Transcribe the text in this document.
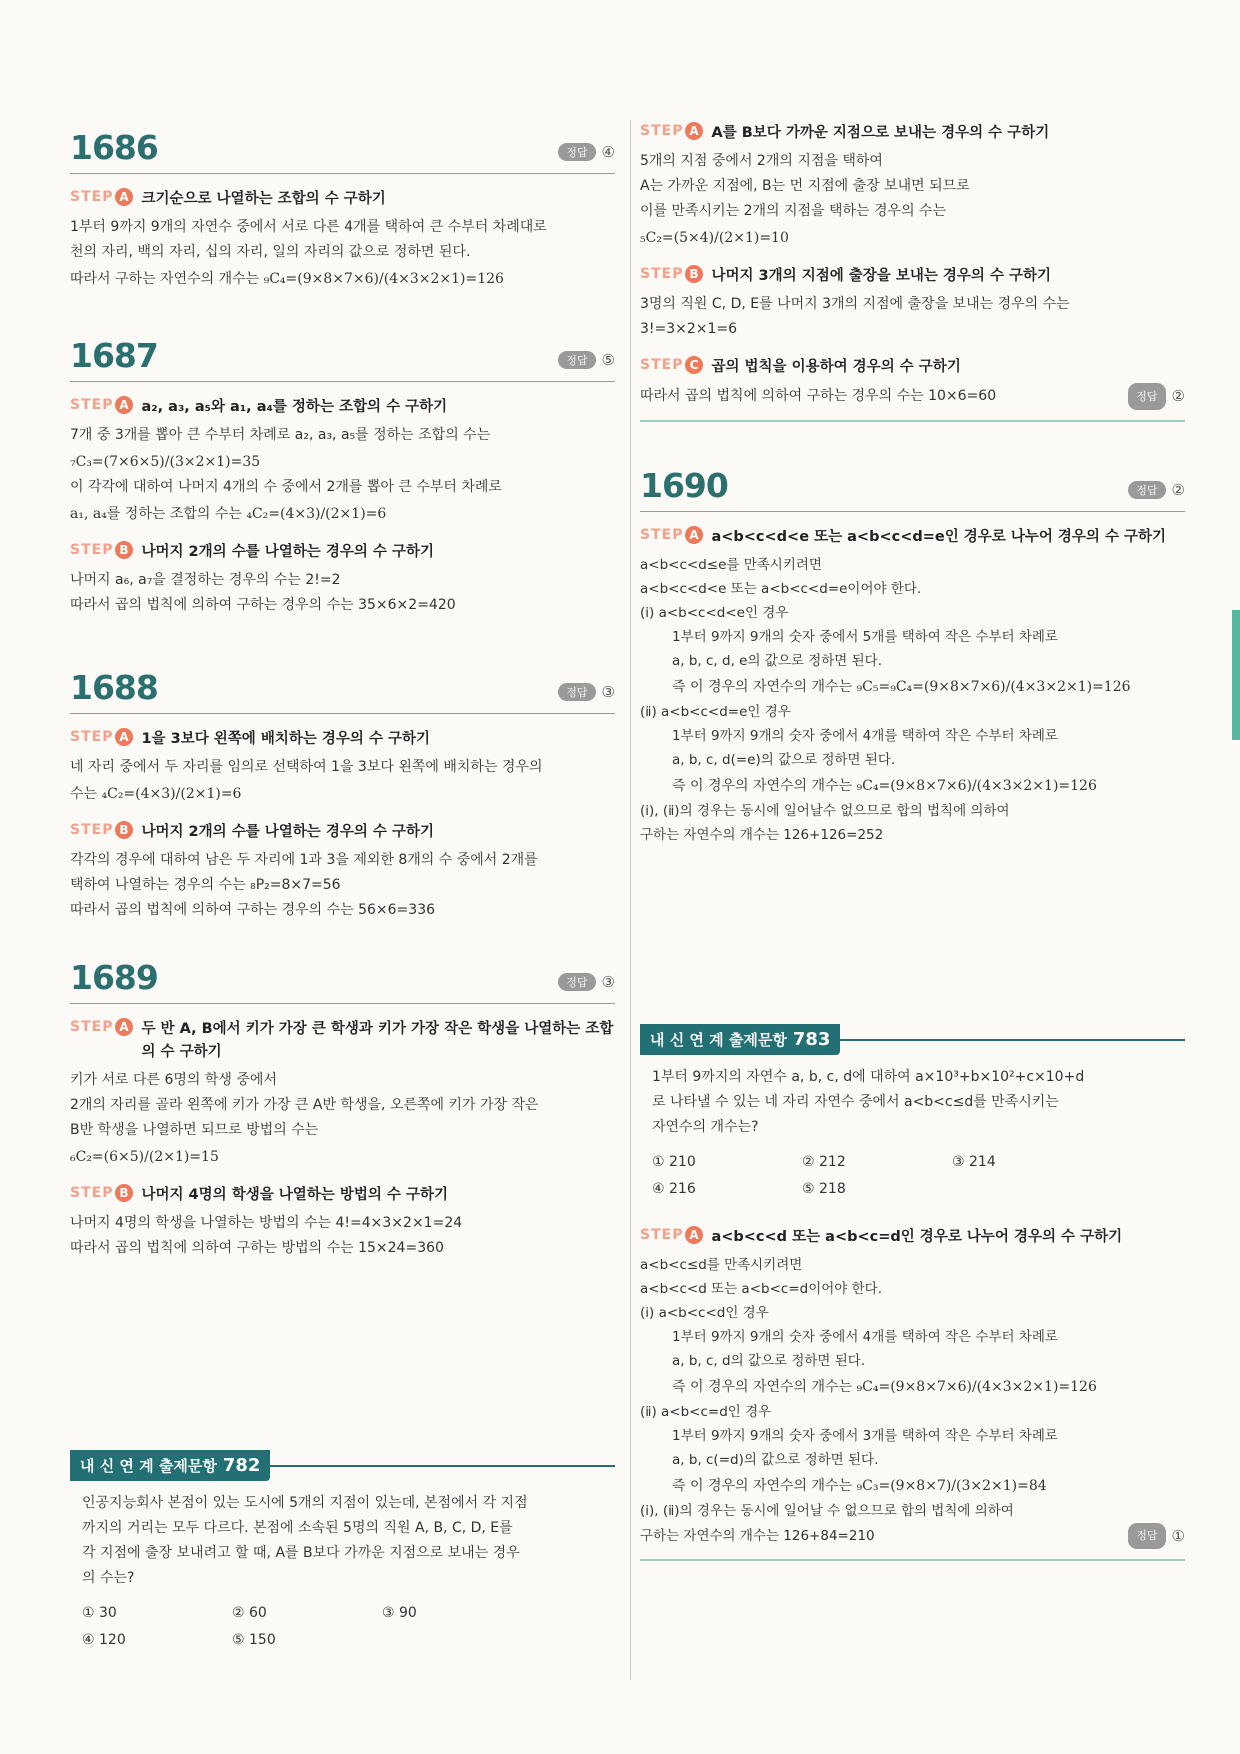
1686	정답 ④
STEP A 크기순으로 나열하는 조합의 수 구하기
1부터 9까지 9개의 자연수 중에서 서로 다른 4개를 택하여 큰 수부터 차례대로
천의 자리, 백의 자리, 십의 자리, 일의 자리의 값으로 정하면 된다.
따라서 구하는 자연수의 개수는 ₉C₄=(9×8×7×6)/(4×3×2×1)=126
1687	정답 ⑤
STEP A a₂, a₃, a₅와 a₁, a₄를 정하는 조합의 수 구하기
7개 중 3개를 뽑아 큰 수부터 차례로 a₂, a₃, a₅를 정하는 조합의 수는
₇C₃=(7×6×5)/(3×2×1)=35
이 각각에 대하여 나머지 4개의 수 중에서 2개를 뽑아 큰 수부터 차례로
a₁, a₄를 정하는 조합의 수는 ₄C₂=(4×3)/(2×1)=6
STEP B 나머지 2개의 수를 나열하는 경우의 수 구하기
나머지 a₆, a₇을 결정하는 경우의 수는 2!=2
따라서 곱의 법칙에 의하여 구하는 경우의 수는 35×6×2=420
1688	정답 ③
STEP A 1을 3보다 왼쪽에 배치하는 경우의 수 구하기
네 자리 중에서 두 자리를 임의로 선택하여 1을 3보다 왼쪽에 배치하는 경우의
수는 ₄C₂=(4×3)/(2×1)=6
STEP B 나머지 2개의 수를 나열하는 경우의 수 구하기
각각의 경우에 대하여 남은 두 자리에 1과 3을 제외한 8개의 수 중에서 2개를
택하여 나열하는 경우의 수는 ₈P₂=8×7=56
따라서 곱의 법칙에 의하여 구하는 경우의 수는 56×6=336
1689	정답 ③
STEP A 두 반 A, B에서 키가 가장 큰 학생과 키가 가장 작은 학생을 나열하는 조합의 수 구하기
키가 서로 다른 6명의 학생 중에서
2개의 자리를 골라 왼쪽에 키가 가장 큰 A반 학생을, 오른쪽에 키가 가장 작은
B반 학생을 나열하면 되므로 방법의 수는
₆C₂=(6×5)/(2×1)=15
STEP B 나머지 4명의 학생을 나열하는 방법의 수 구하기
나머지 4명의 학생을 나열하는 방법의 수는 4!=4×3×2×1=24
따라서 곱의 법칙에 의하여 구하는 방법의 수는 15×24=360
내 신 연 계 출제문항 782
인공지능회사 본점이 있는 도시에 5개의 지점이 있는데, 본점에서 각 지점
까지의 거리는 모두 다르다. 본점에 소속된 5명의 직원 A, B, C, D, E를
각 지점에 출장 보내려고 할 때, A를 B보다 가까운 지점으로 보내는 경우
의 수는?
① 30	② 60	③ 90
④ 120	⑤ 150
STEP A A를 B보다 가까운 지점으로 보내는 경우의 수 구하기
5개의 지점 중에서 2개의 지점을 택하여
A는 가까운 지점에, B는 먼 지점에 출장 보내면 되므로
이를 만족시키는 2개의 지점을 택하는 경우의 수는
₅C₂=(5×4)/(2×1)=10
STEP B 나머지 3개의 지점에 출장을 보내는 경우의 수 구하기
3명의 직원 C, D, E를 나머지 3개의 지점에 출장을 보내는 경우의 수는
3!=3×2×1=6
STEP C 곱의 법칙을 이용하여 경우의 수 구하기
따라서 곱의 법칙에 의하여 구하는 경우의 수는 10×6=60	정답 ②
1690	정답 ②
STEP A a<b<c<d<e 또는 a<b<c<d=e인 경우로 나누어 경우의 수 구하기
a<b<c<d≤e를 만족시키려면
a<b<c<d<e 또는 a<b<c<d=e이어야 한다.
(ⅰ) a<b<c<d<e인 경우
1부터 9까지 9개의 숫자 중에서 5개를 택하여 작은 수부터 차례로
a, b, c, d, e의 값으로 정하면 된다.
즉 이 경우의 자연수의 개수는 ₉C₅=₉C₄=(9×8×7×6)/(4×3×2×1)=126
(ⅱ) a<b<c<d=e인 경우
1부터 9까지 9개의 숫자 중에서 4개를 택하여 작은 수부터 차례로
a, b, c, d(=e)의 값으로 정하면 된다.
즉 이 경우의 자연수의 개수는 ₉C₄=(9×8×7×6)/(4×3×2×1)=126
(ⅰ), (ⅱ)의 경우는 동시에 일어날수 없으므로 합의 법칙에 의하여
구하는 자연수의 개수는 126+126=252
내 신 연 계 출제문항 783
1부터 9까지의 자연수 a, b, c, d에 대하여 a×10³+b×10²+c×10+d
로 나타낼 수 있는 네 자리 자연수 중에서 a<b<c≤d를 만족시키는
자연수의 개수는?
① 210	② 212	③ 214
④ 216	⑤ 218
STEP A a<b<c<d 또는 a<b<c=d인 경우로 나누어 경우의 수 구하기
a<b<c≤d를 만족시키려면
a<b<c<d 또는 a<b<c=d이어야 한다.
(ⅰ) a<b<c<d인 경우
1부터 9까지 9개의 숫자 중에서 4개를 택하여 작은 수부터 차례로
a, b, c, d의 값으로 정하면 된다.
즉 이 경우의 자연수의 개수는 ₉C₄=(9×8×7×6)/(4×3×2×1)=126
(ⅱ) a<b<c=d인 경우
1부터 9까지 9개의 숫자 중에서 3개를 택하여 작은 수부터 차례로
a, b, c(=d)의 값으로 정하면 된다.
즉 이 경우의 자연수의 개수는 ₉C₃=(9×8×7)/(3×2×1)=84
(ⅰ), (ⅱ)의 경우는 동시에 일어날 수 없으므로 합의 법칙에 의하여
구하는 자연수의 개수는 126+84=210	정답 ①
